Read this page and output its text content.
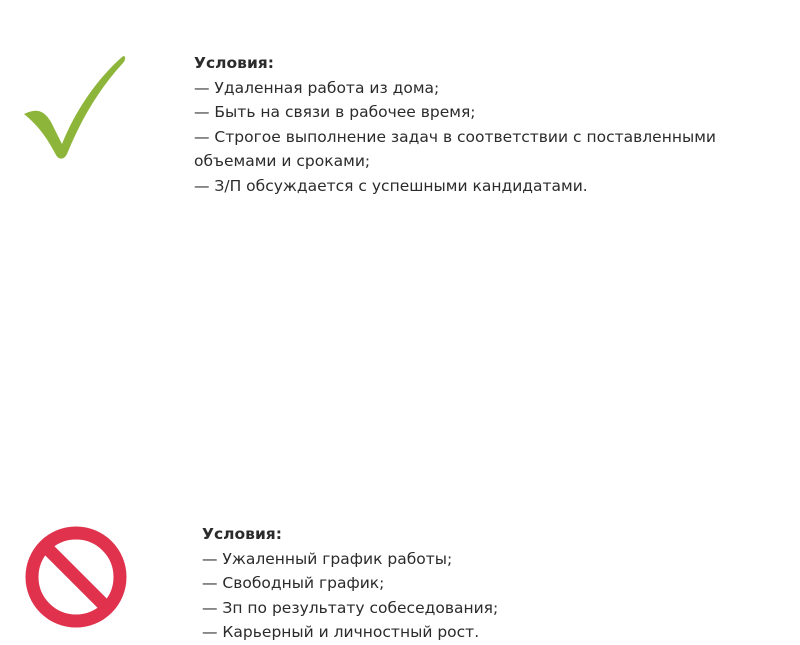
Условия:

— Удаленная работа из дома;

— Быть на связи в рабочее время;

— Строгое выполнение задач в соответствии с поставленными

объемами и сроками;

— З/П обсуждается с успешными кандидатами.

Условия:

— Ужаленный график работы;

— Свободный график;

— Зп по результату собеседования;

— Карьерный и личностный рост.
